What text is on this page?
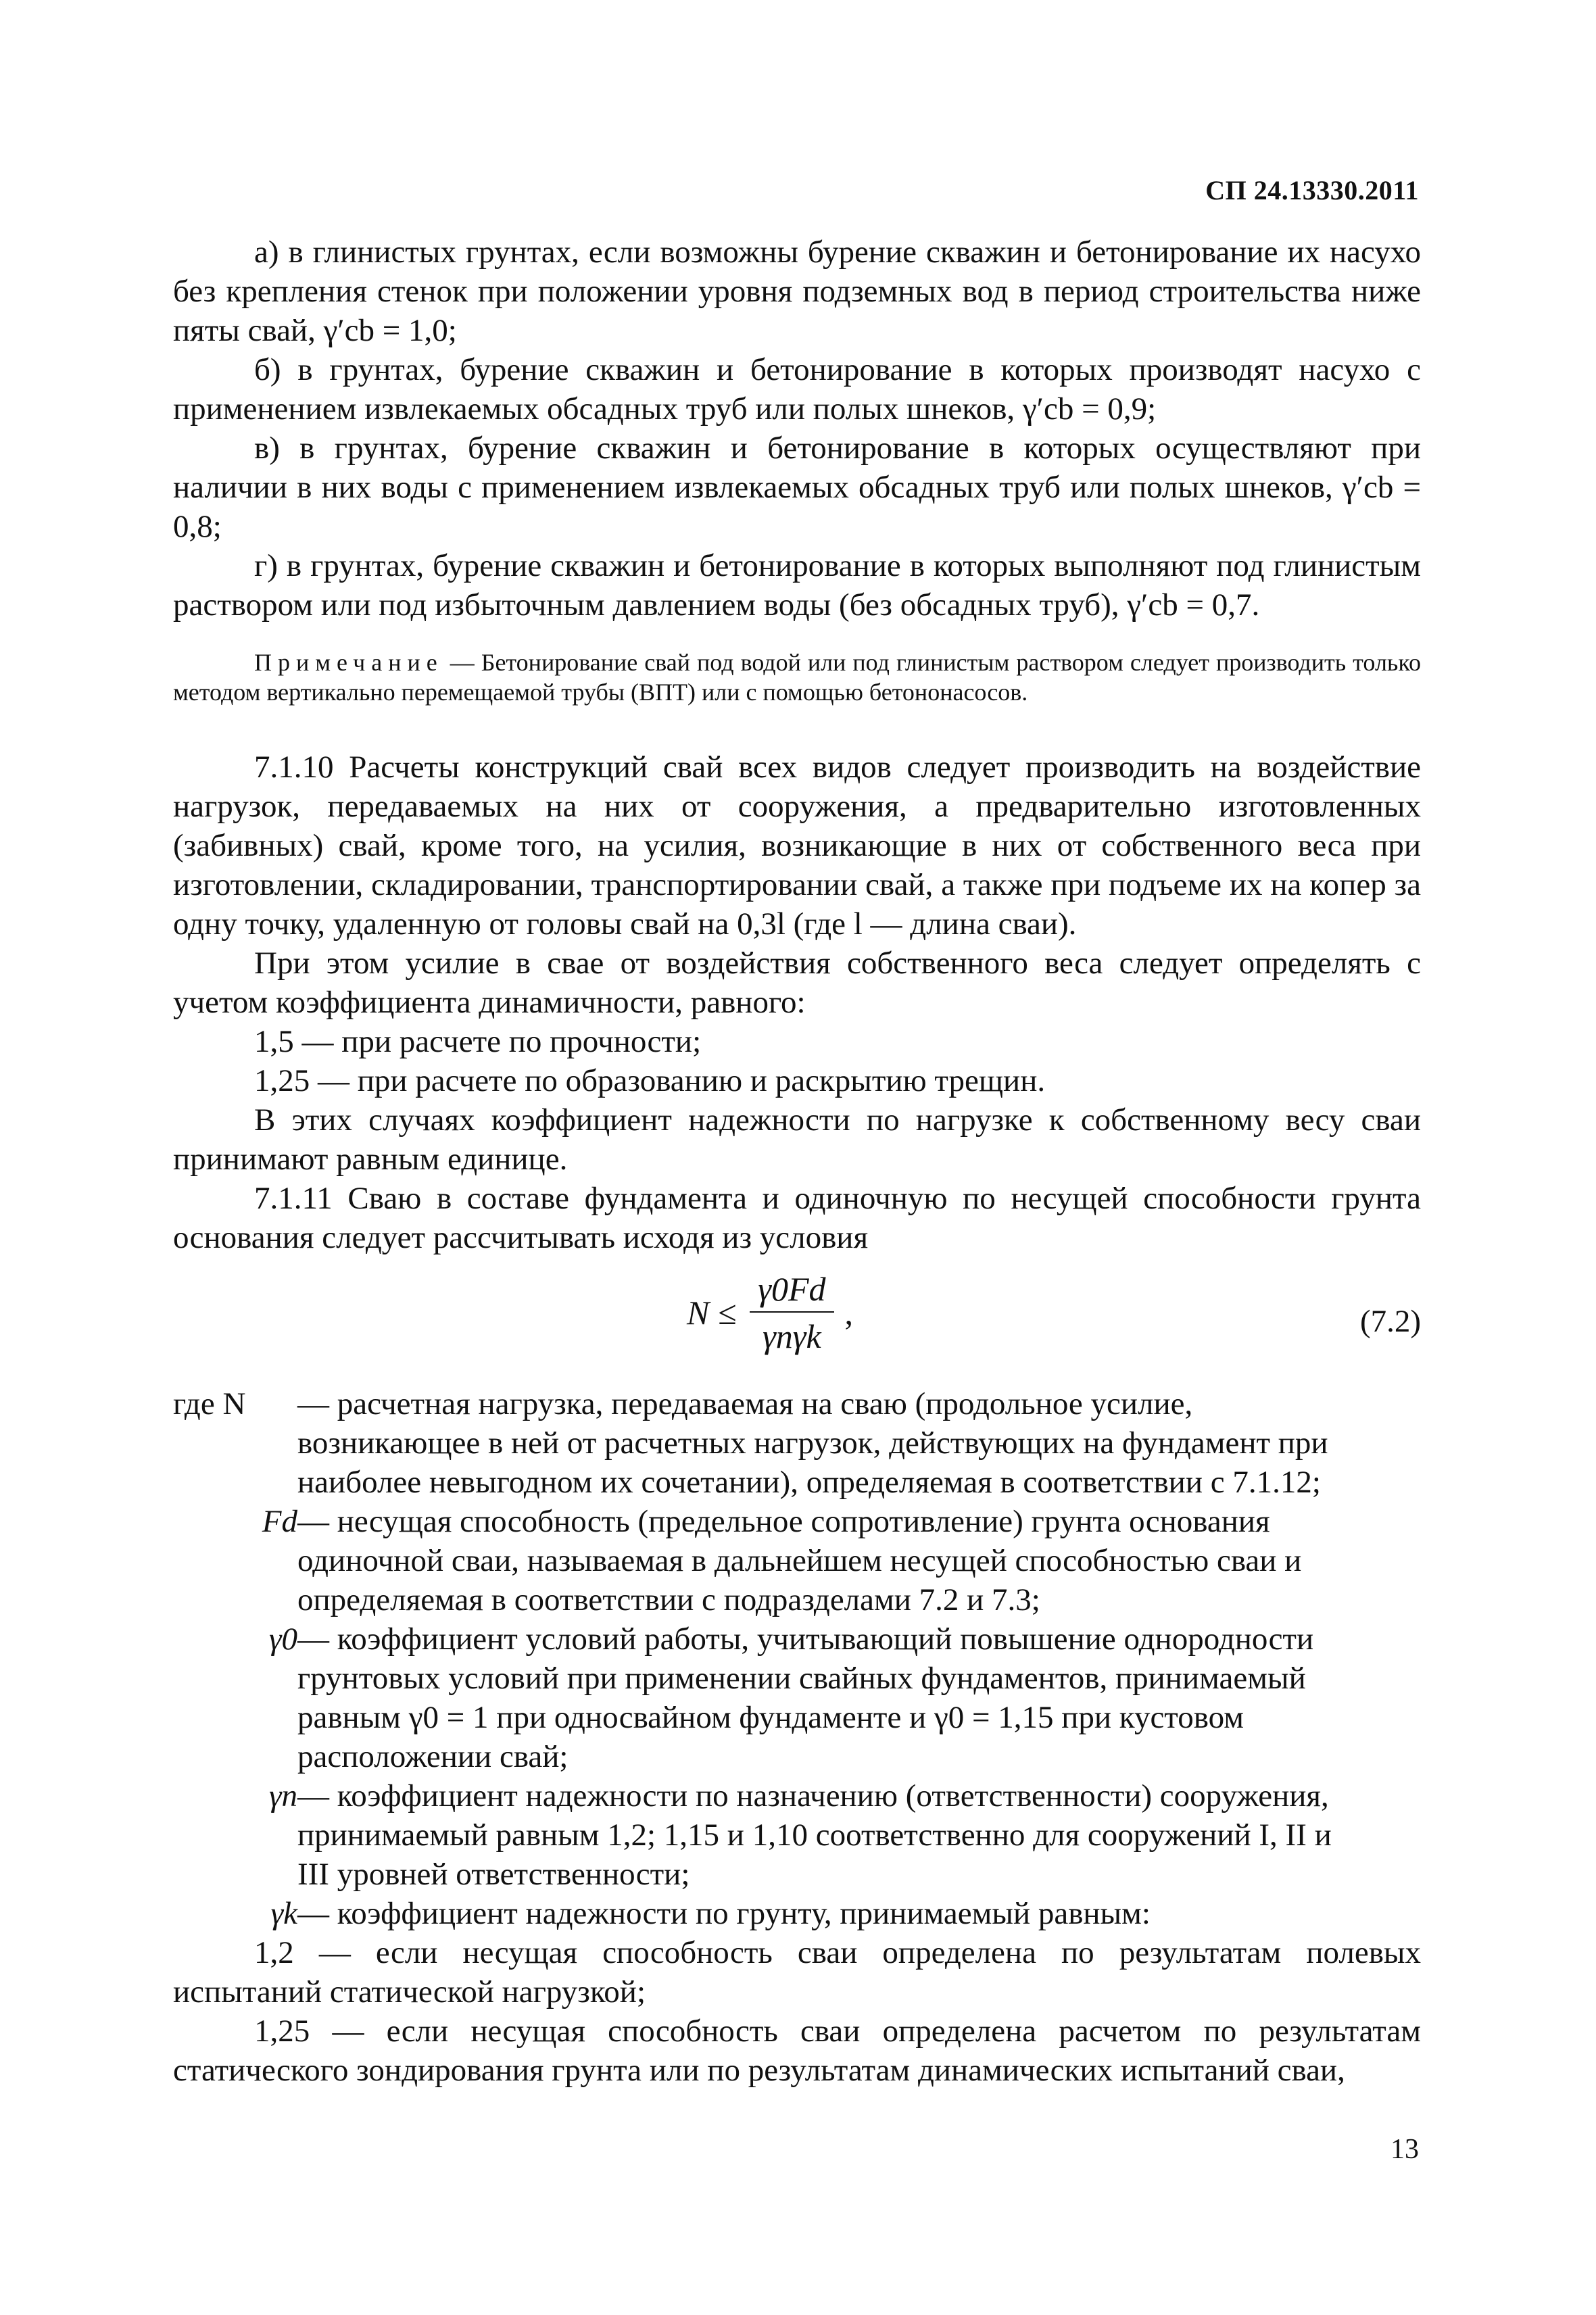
СП 24.13330.2011

а) в глинистых грунтах, если возможны бурение скважин и бетонирование их насухо без крепления стенок при положении уровня подземных вод в период строительства ниже пяты свай, γ′cb = 1,0;

б) в грунтах, бурение скважин и бетонирование в которых производят насухо с применением извлекаемых обсадных труб или полых шнеков, γ′cb = 0,9;

в) в грунтах, бурение скважин и бетонирование в которых осуществляют при наличии в них воды с применением извлекаемых обсадных труб или полых шнеков, γ′cb = 0,8;

г) в грунтах, бурение скважин и бетонирование в которых выполняют под глинистым раствором или под избыточным давлением воды (без обсадных труб), γ′cb = 0,7.

Примечание — Бетонирование свай под водой или под глинистым раствором следует производить только методом вертикально перемещаемой трубы (ВПТ) или с помощью бетононасосов.

7.1.10 Расчеты конструкций свай всех видов следует производить на воздействие нагрузок, передаваемых на них от сооружения, а предварительно изготовленных (забивных) свай, кроме того, на усилия, возникающие в них от собственного веса при изготовлении, складировании, транспортировании свай, а также при подъеме их на копер за одну точку, удаленную от головы свай на 0,3l (где l — длина сваи).

При этом усилие в свае от воздействия собственного веса следует определять с учетом коэффициента динамичности, равного:

1,5 — при расчете по прочности;

1,25 — при расчете по образованию и раскрытию трещин.

В этих случаях коэффициент надежности по нагрузке к собственному весу сваи принимают равным единице.

7.1.11 Сваю в составе фундамента и одиночную по несущей способности грунта основания следует рассчитывать исходя из условия

$N \le \frac{\gamma 0Fd}{\text{γnγk}}$ ,	(7.2)
где N	— расчетная нагрузка, передаваемая на сваю (продольное усилие, возникающее в ней от расчетных нагрузок, действующих на фундамент при наиболее невыгодном их сочетании), определяемая в соответствии с 7.1.12;
Fd — несущая способность (предельное сопротивление) грунта основания одиночной сваи, называемая в дальнейшем несущей способностью сваи и определяемая в соответствии с подразделами 7.2 и 7.3;
γ0 — коэффициент условий работы, учитывающий повышение однородности грунтовых условий при применении свайных фундаментов, принимаемый равным γ0 = 1 при односвайном фундаменте и γ0 = 1,15 при кустовом расположении свай;
γn — коэффициент надежности по назначению (ответственности) сооружения, принимаемый равным 1,2; 1,15 и 1,10 соответственно для сооружений I, II и III уровней ответственности;
γk — коэффициент надежности по грунту, принимаемый равным:

1,2 — если несущая способность сваи определена по результатам полевых испытаний статической нагрузкой;

1,25 — если несущая способность сваи определена расчетом по результатам статического зондирования грунта или по результатам динамических испытаний сваи,

13
